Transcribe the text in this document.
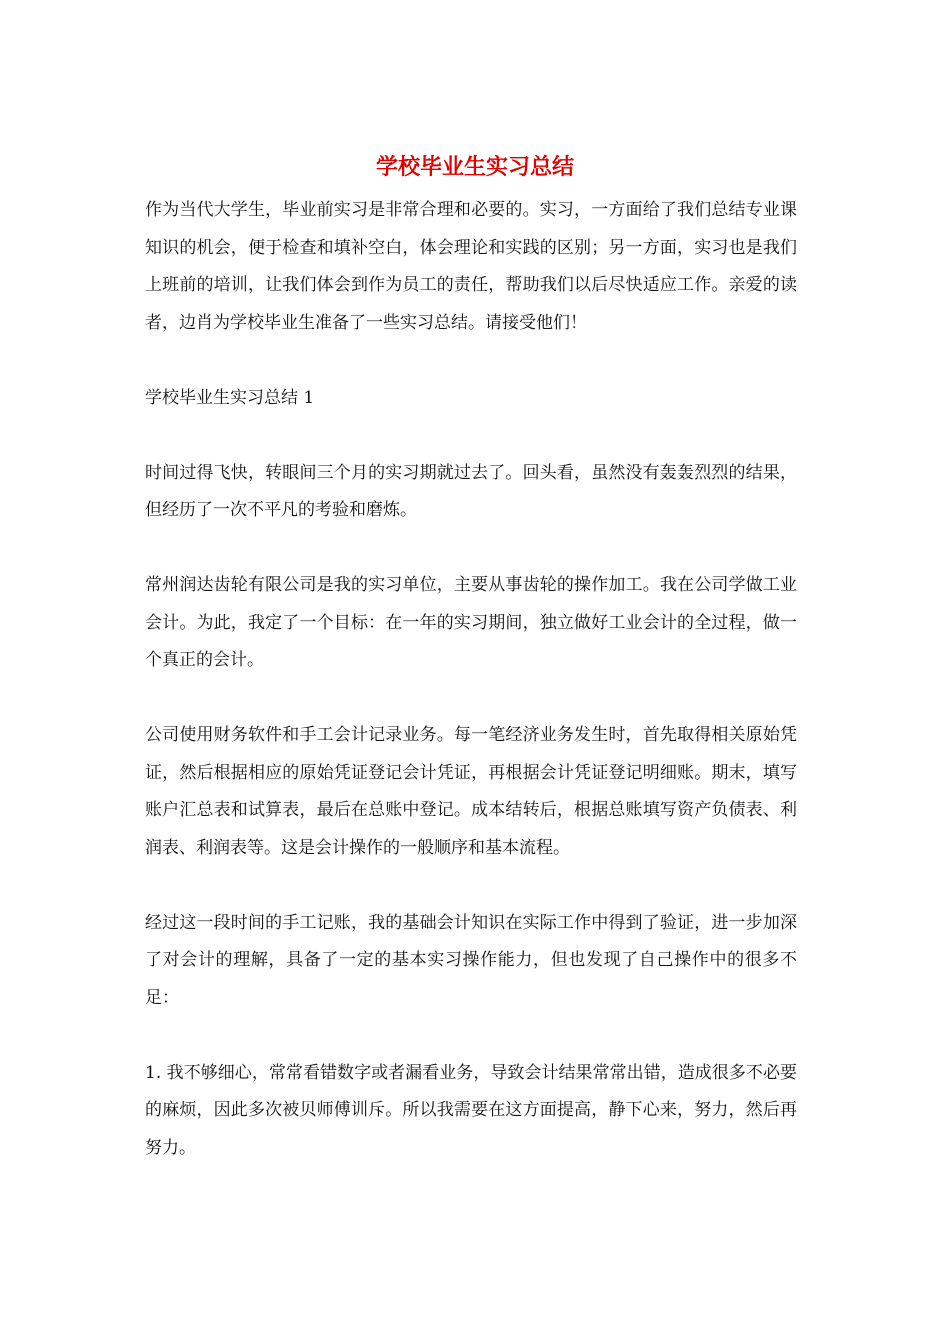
学校毕业生实习总结

作为当代大学生，毕业前实习是非常合理和必要的。实习，一方面给了我们总结专业课知识的机会，便于检查和填补空白，体会理论和实践的区别；另一方面，实习也是我们上班前的培训，让我们体会到作为员工的责任，帮助我们以后尽快适应工作。亲爱的读者，边肖为学校毕业生准备了一些实习总结。请接受他们！

学校毕业生实习总结 1

时间过得飞快，转眼间三个月的实习期就过去了。回头看，虽然没有轰轰烈烈的结果，但经历了一次不平凡的考验和磨炼。

常州润达齿轮有限公司是我的实习单位，主要从事齿轮的操作加工。我在公司学做工业会计。为此，我定了一个目标：在一年的实习期间，独立做好工业会计的全过程，做一个真正的会计。

公司使用财务软件和手工会计记录业务。每一笔经济业务发生时，首先取得相关原始凭证，然后根据相应的原始凭证登记会计凭证，再根据会计凭证登记明细账。期末，填写账户汇总表和试算表，最后在总账中登记。成本结转后，根据总账填写资产负债表、利润表、利润表等。这是会计操作的一般顺序和基本流程。

经过这一段时间的手工记账，我的基础会计知识在实际工作中得到了验证，进一步加深了对会计的理解，具备了一定的基本实习操作能力，但也发现了自己操作中的很多不足：

1. 我不够细心，常常看错数字或者漏看业务，导致会计结果常常出错，造成很多不必要的麻烦，因此多次被贝师傅训斥。所以我需要在这方面提高，静下心来，努力，然后再努力。
